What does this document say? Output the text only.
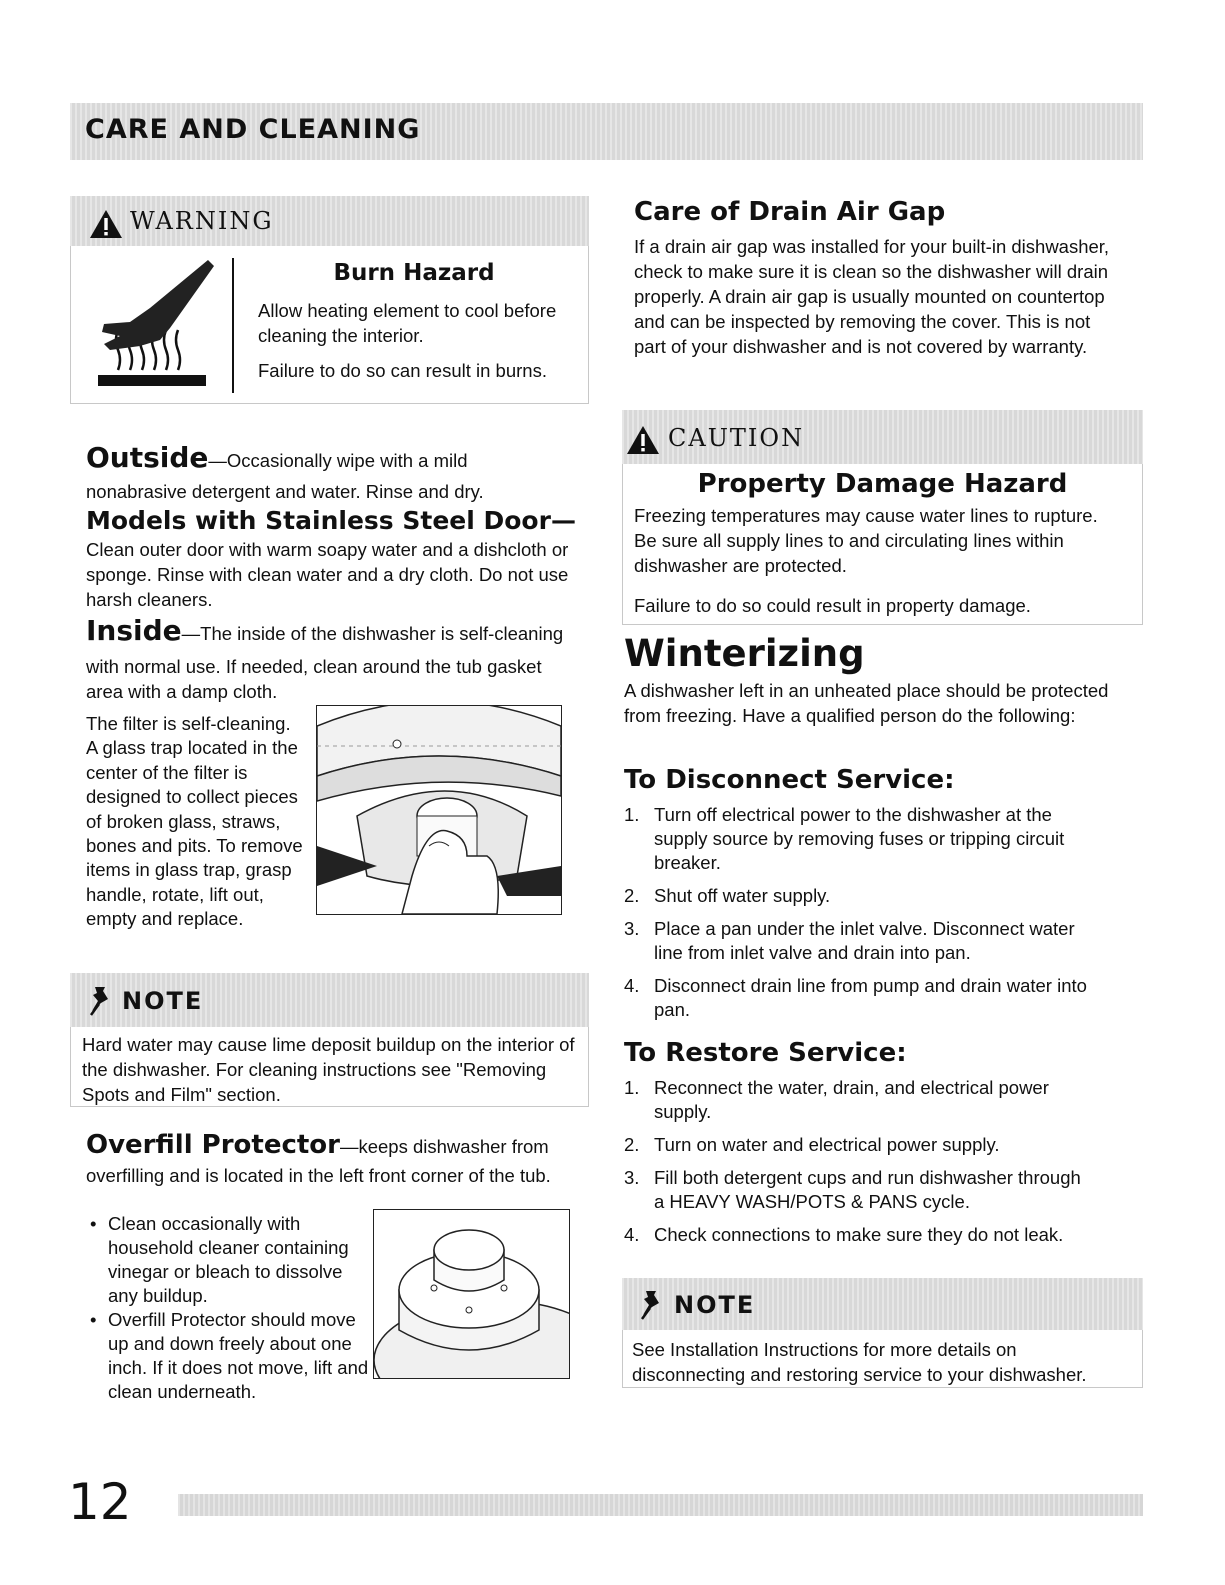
CARE AND CLEANING
WARNING
Burn Hazard
Allow heating element to cool before cleaning the interior.
Failure to do so can result in burns.
Outside—Occasionally wipe with a mild
nonabrasive detergent and water. Rinse and dry.
Models with Stainless Steel Door—
Clean outer door with warm soapy water and a dishcloth or sponge. Rinse with clean water and a dry cloth. Do not use harsh cleaners.
Inside—The inside of the dishwasher is self-cleaning
with normal use. If needed, clean around the tub gasket area with a damp cloth.
The filter is self-cleaning. A glass trap located in the center of the filter is designed to collect pieces of broken glass, straws, bones and pits. To remove items in glass trap, grasp handle, rotate, lift out, empty and replace.
NOTE
Hard water may cause lime deposit buildup on the interior of the dishwasher. For cleaning instructions see "Removing Spots and Film" section.
Overfill Protector—keeps dishwasher from
overfilling and is located in the left front corner of the tub.
• Clean occasionally with household cleaner containing vinegar or bleach to dissolve any buildup.
• Overfill Protector should move up and down freely about one inch. If it does not move, lift and clean underneath.
Care of Drain Air Gap
If a drain air gap was installed for your built-in dishwasher, check to make sure it is clean so the dishwasher will drain properly. A drain air gap is usually mounted on countertop and can be inspected by removing the cover. This is not part of your dishwasher and is not covered by warranty.
CAUTION
Property Damage Hazard
Freezing temperatures may cause water lines to rupture. Be sure all supply lines to and circulating lines within dishwasher are protected.
Failure to do so could result in property damage.
Winterizing
A dishwasher left in an unheated place should be protected from freezing. Have a qualified person do the following:
To Disconnect Service:
1. Turn off electrical power to the dishwasher at the supply source by removing fuses or tripping circuit breaker.
2. Shut off water supply.
3. Place a pan under the inlet valve. Disconnect water line from inlet valve and drain into pan.
4. Disconnect drain line from pump and drain water into pan.
To Restore Service:
1. Reconnect the water, drain, and electrical power supply.
2. Turn on water and electrical power supply.
3. Fill both detergent cups and run dishwasher through a HEAVY WASH/POTS & PANS cycle.
4. Check connections to make sure they do not leak.
NOTE
See Installation Instructions for more details on disconnecting and restoring service to your dishwasher.
12
